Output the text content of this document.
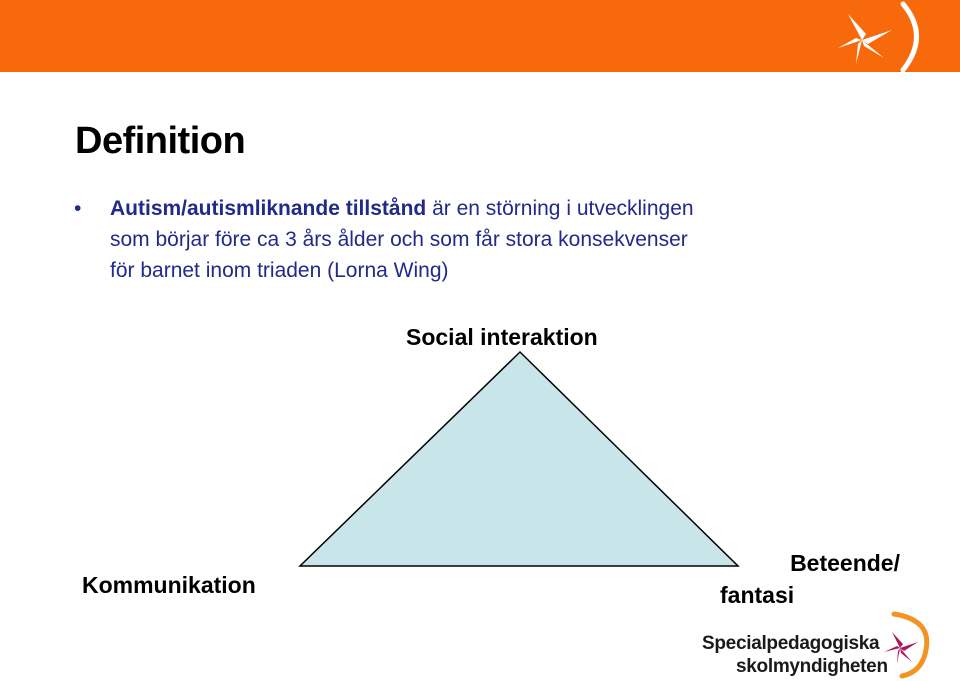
Definition
• Autism/autismliknande tillstånd är en störning i utvecklingen
som börjar före ca 3 års ålder och som får stora konsekvenser
för barnet inom triaden (Lorna Wing)
Social interaktion
Kommunikation
Beteende/
fantasi
Specialpedagogiska
skolmyndigheten
